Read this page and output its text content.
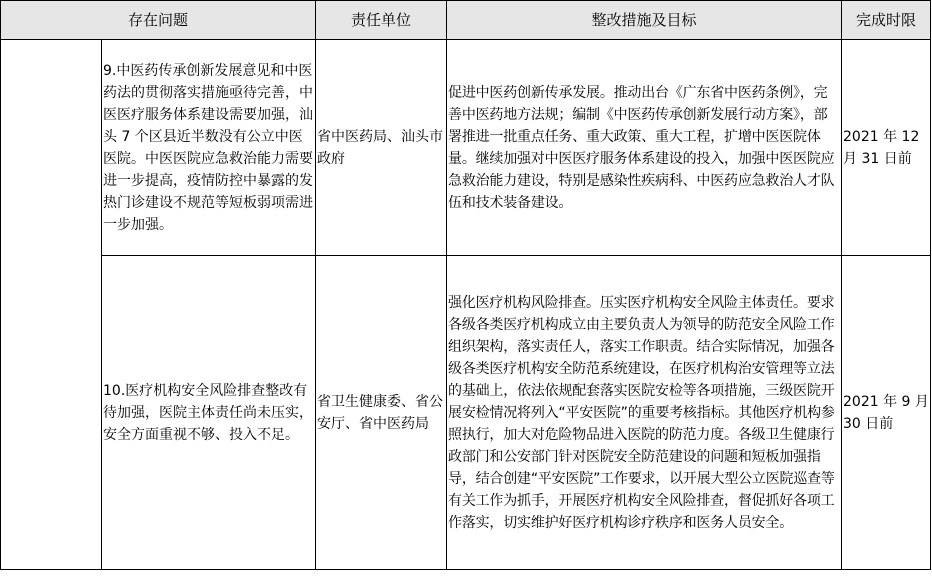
存在问题		责任单位	整改措施及目标	完成时限
	9.中医药传承创新发展意见和中医药法的贯彻落实措施亟待完善，中医医疗服务体系建设需要加强，汕头 7 个区县近半数没有公立中医医院。中医医院应急救治能力需要进一步提高，疫情防控中暴露的发热门诊建设不规范等短板弱项需进一步加强。	省中医药局、汕头市政府	促进中医药创新传承发展。推动出台《广东省中医药条例》，完善中医药地方法规；编制《中医药传承创新发展行动方案》，部署推进一批重点任务、重大政策、重大工程，扩增中医医院体量。继续加强对中医医疗服务体系建设的投入，加强中医医院应急救治能力建设，特别是感染性疾病科、中医药应急救治人才队伍和技术装备建设。	2021 年 12 月 31 日前
	10.医疗机构安全风险排查整改有待加强，医院主体责任尚未压实，安全方面重视不够、投入不足。	省卫生健康委、省公安厅、省中医药局	强化医疗机构风险排查。压实医疗机构安全风险主体责任。要求各级各类医疗机构成立由主要负责人为领导的防范安全风险工作组织架构，落实责任人，落实工作职责。结合实际情况，加强各级各类医疗机构安全防范系统建设，在医疗机构治安管理等立法的基础上，依法依规配套落实医院安检等各项措施，三级医院开展安检情况将列入“平安医院”的重要考核指标。其他医疗机构参照执行，加大对危险物品进入医院的防范力度。各级卫生健康行政部门和公安部门针对医院安全防范建设的问题和短板加强指导，结合创建“平安医院”工作要求，以开展大型公立医院巡查等有关工作为抓手，开展医疗机构安全风险排查，督促抓好各项工作落实，切实维护好医疗机构诊疗秩序和医务人员安全。	2021 年 9 月 30 日前
